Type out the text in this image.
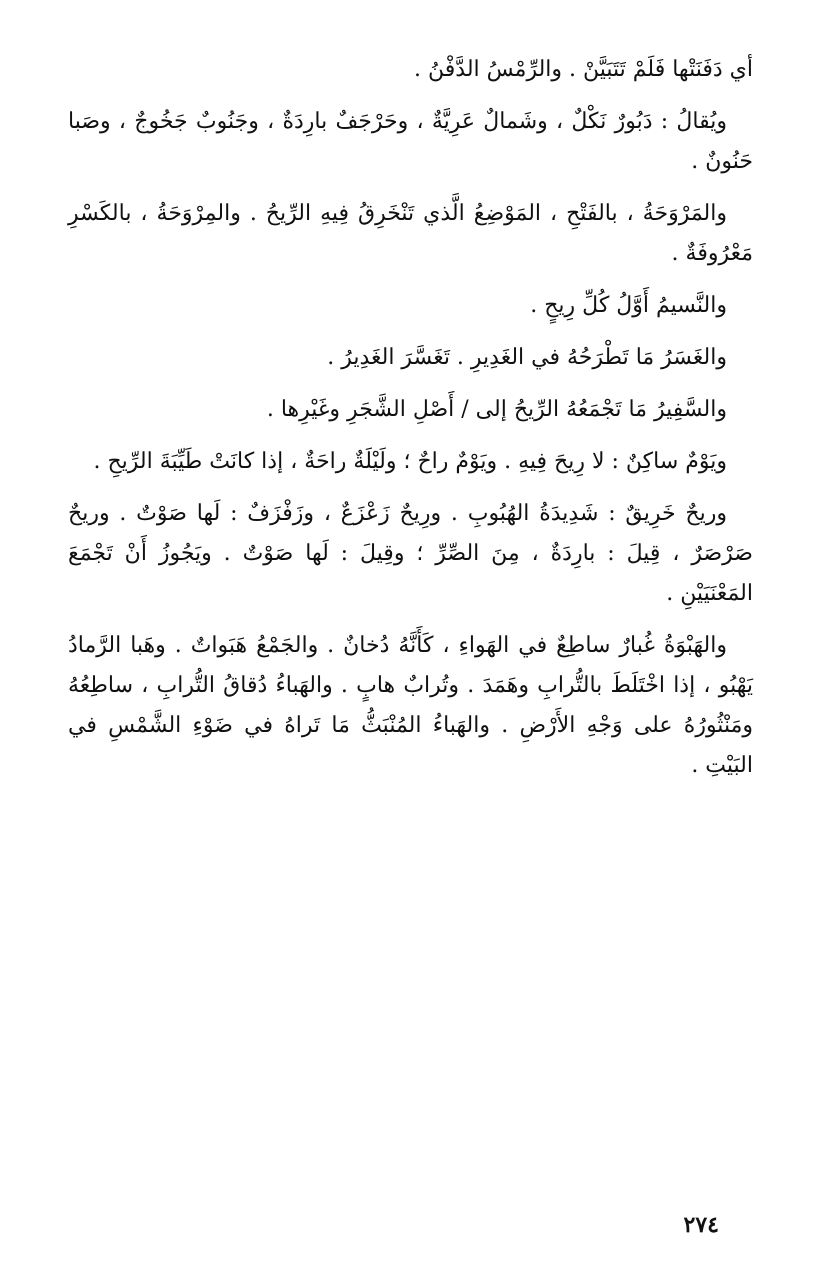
أي دَفَنَتْها فَلَمْ تَتَبَيَّنْ . والرِّمْسُ الدَّفْنُ .

ويُقالُ : دَبُورٌ نَكْلٌ ، وشَمالٌ عَرِيَّةٌ ، وحَرْجَفٌ بارِدَةٌ ، وجَنُوبٌ جَخُوجٌ ، وصَبا حَنُونٌ .

والمَرْوَحَةُ ، بالفَتْحِ ، المَوْضِعُ الَّذي تَنْخَرِقُ فِيهِ الرِّيحُ . والمِرْوَحَةُ ، بالكَسْرِ مَعْرُوفَةٌ .

والنَّسيمُ أَوَّلُ كُلِّ رِيحٍ .

والغَسَرُ مَا تَطْرَحُهُ في الغَدِيرِ . تَغَسَّرَ الغَدِيرُ .

والسَّفِيرُ مَا تَجْمَعُهُ الرِّيحُ إلى / أَصْلِ الشَّجَرِ وغَيْرِها .

ويَوْمٌ ساكِنٌ : لا رِيحَ فِيهِ . ويَوْمٌ راحٌ ؛ ولَيْلَةٌ راحَةٌ ، إذا كانَتْ طَيِّبَةَ الرِّيحِ .

وريحٌ خَرِيقٌ : شَدِيدَةُ الهُبُوبِ . ورِيحٌ زَعْزَعٌ ، وزَفْزَفٌ : لَها صَوْتٌ . وريحٌ صَرْصَرٌ ، قِيلَ : بارِدَةٌ ، مِنَ الصِّرِّ ؛ وقِيلَ : لَها صَوْتٌ . ويَجُوزُ أَنْ تَجْمَعَ المَعْنَيَيْنِ .

والهَبْوَةُ غُبارٌ ساطِعٌ في الهَواءِ ، كَأَنَّهُ دُخانٌ . والجَمْعُ هَبَواتٌ . وهَبا الرَّمادُ يَهْبُو ، إذا اخْتَلَطَ بالتُّرابِ وهَمَدَ . وتُرابٌ هابٍ . والهَباءُ دُقاقُ التُّرابِ ، ساطِعُهُ ومَنْثُورُهُ على وَجْهِ الأَرْضِ . والهَباءُ المُنْبَثُّ مَا تَراهُ في ضَوْءِ الشَّمْسِ في البَيْتِ .

٢٧٤
